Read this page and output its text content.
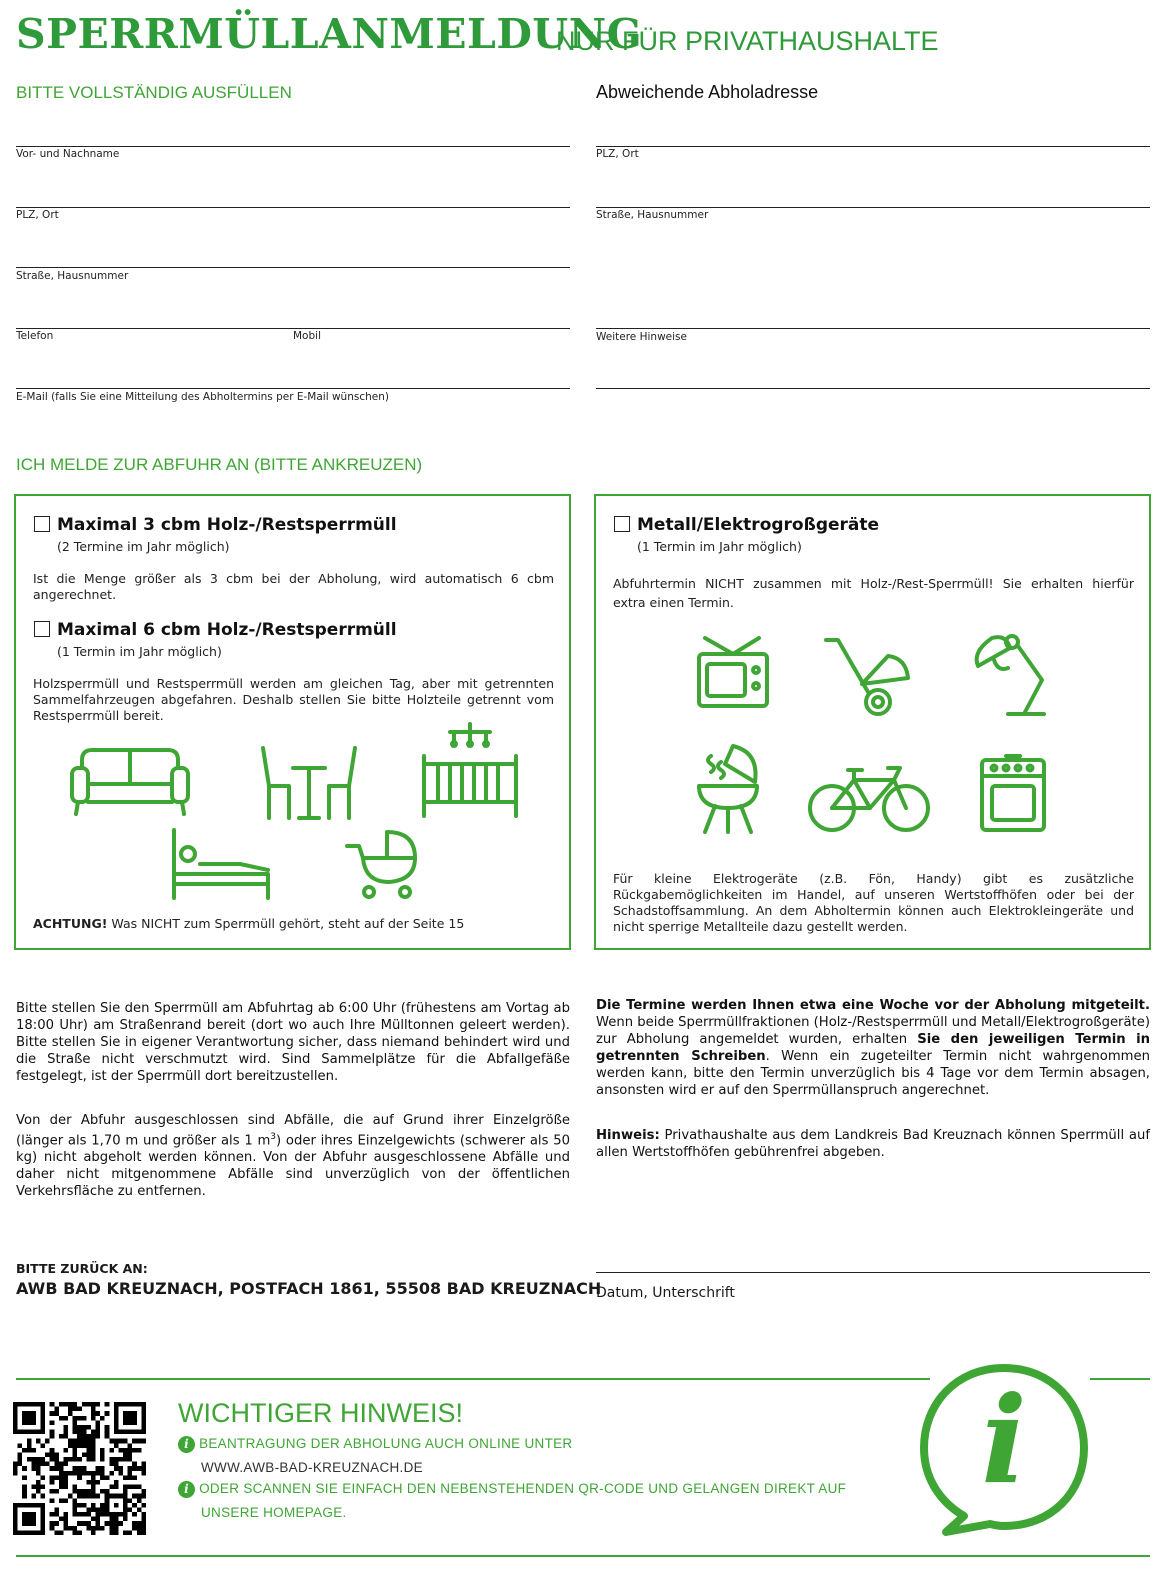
SPERRMÜLLANMELDUNG
NUR FÜR PRIVATHAUSHALTE
BITTE VOLLSTÄNDIG AUSFÜLLEN	Abweichende Abholadresse
Vor- und Nachname
PLZ, Ort
Straße, Hausnummer
Telefon	Mobil
E-Mail (falls Sie eine Mitteilung des Abholtermins per E-Mail wünschen)
PLZ, Ort
Straße, Hausnummer
Weitere Hinweise
ICH MELDE ZUR ABFUHR AN (BITTE ANKREUZEN)
Maximal 3 cbm Holz-/Restsperrmüll
(2 Termine im Jahr möglich)
Ist die Menge größer als 3 cbm bei der Abholung, wird automatisch 6 cbm angerechnet.
Maximal 6 cbm Holz-/Restsperrmüll
(1 Termin im Jahr möglich)
Holzsperrmüll und Restsperrmüll werden am gleichen Tag, aber mit getrennten Sammelfahrzeugen abgefahren. Deshalb stellen Sie bitte Holzteile getrennt vom Restsperrmüll bereit.
ACHTUNG! Was NICHT zum Sperrmüll gehört, steht auf der Seite 15
Metall/Elektrogroßgeräte
(1 Termin im Jahr möglich)
Abfuhrtermin NICHT zusammen mit Holz-/Rest-Sperrmüll! Sie erhalten hierfür extra einen Termin.
Für kleine Elektrogeräte (z.B. Fön, Handy) gibt es zusätzliche Rückgabemöglichkeiten im Handel, auf unseren Wertstoffhöfen oder bei der Schadstoffsammlung. An dem Abholtermin können auch Elektrokleingeräte und nicht sperrige Metallteile dazu gestellt werden.
Bitte stellen Sie den Sperrmüll am Abfuhrtag ab 6:00 Uhr (frühestens am Vortag ab 18:00 Uhr) am Straßenrand bereit (dort wo auch Ihre Mülltonnen geleert werden). Bitte stellen Sie in eigener Verantwortung sicher, dass niemand behindert wird und die Straße nicht verschmutzt wird. Sind Sammelplätze für die Abfallgefäße festgelegt, ist der Sperrmüll dort bereitzustellen.
Von der Abfuhr ausgeschlossen sind Abfälle, die auf Grund ihrer Einzelgröße (länger als 1,70 m und größer als 1 $m^3$) oder ihres Einzelgewichts (schwerer als 50 kg) nicht abgeholt werden können. Von der Abfuhr ausgeschlossene Abfälle und daher nicht mitgenommene Abfälle sind unverzüglich von der öffentlichen Verkehrsfläche zu entfernen.
Die Termine werden Ihnen etwa eine Woche vor der Abholung mitgeteilt. Wenn beide Sperrmüllfraktionen (Holz-/Restsperrmüll und Metall/Elektrogroßgeräte) zur Abholung angemeldet wurden, erhalten Sie den jeweiligen Termin in getrennten Schreiben. Wenn ein zugeteilter Termin nicht wahrgenommen werden kann, bitte den Termin unverzüglich bis 4 Tage vor dem Termin absagen, ansonsten wird er auf den Sperrmüllanspruch angerechnet.
Hinweis: Privathaushalte aus dem Landkreis Bad Kreuznach können Sperrmüll auf allen Wertstoffhöfen gebührenfrei abgeben.
BITTE ZURÜCK AN:
AWB BAD KREUZNACH, POSTFACH 1861, 55508 BAD KREUZNACH
Datum, Unterschrift
WICHTIGER HINWEIS!
i BEANTRAGUNG DER ABHOLUNG AUCH ONLINE UNTER
WWW.AWB-BAD-KREUZNACH.DE
i ODER SCANNEN SIE EINFACH DEN NEBENSTEHENDEN QR-CODE UND GELANGEN DIREKT AUF
UNSERE HOMEPAGE.
i
